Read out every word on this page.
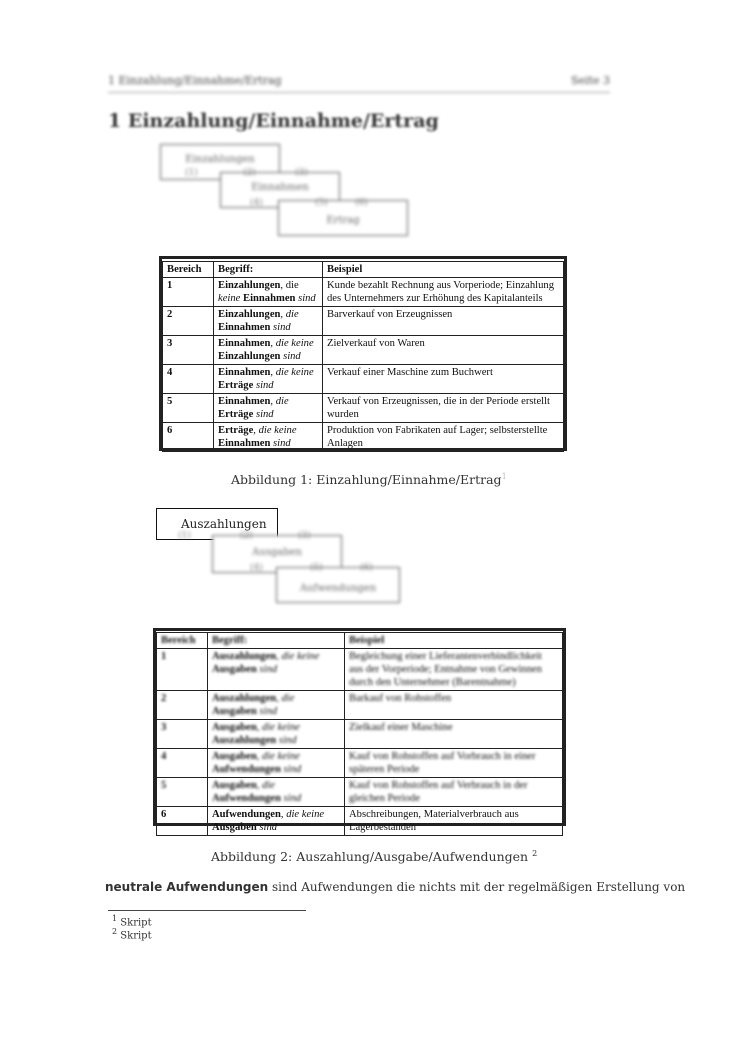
1 Einzahlung/Einnahme/Ertrag	Seite 3
1 Einzahlung/Einnahme/Ertrag
Einzahlungen
Einnahmen
Ertrag
(1)	(2)	(3)
(4)	(5)	(6)
Bereich	Begriff:	Beispiel
1	Einzahlungen, die keine Einnahmen sind	Kunde bezahlt Rechnung aus Vorperiode; Einzahlung des Unternehmers zur Erhöhung des Kapitalanteils
2	Einzahlungen, die Einnahmen sind	Barverkauf von Erzeugnissen
3	Einnahmen, die keine Einzahlungen sind	Zielverkauf von Waren
4	Einnahmen, die keine Erträge sind	Verkauf einer Maschine zum Buchwert
5	Einnahmen, die Erträge sind	Verkauf von Erzeugnissen, die in der Periode erstellt wurden
6	Erträge, die keine Einnahmen sind	Produktion von Fabrikaten auf Lager; selbsterstellte Anlagen
Abbildung 1: Einzahlung/Einnahme/Ertrag$^1$
Auszahlungen
Ausgaben
Aufwendungen
(1)	(2)	(3)
(4)	(5)	(6)
Bereich	Begriff:	Beispiel
1	Auszahlungen, die keine Ausgaben sind	Begleichung einer Lieferantenverbindlichkeit aus der Vorperiode; Entnahme von Gewinnen durch den Unternehmer (Barentnahme)
2	Auszahlungen, die Ausgaben sind	Barkauf von Rohstoffen
3	Ausgaben, die keine Auszahlungen sind	Zielkauf einer Maschine
4	Ausgaben, die keine Aufwendungen sind	Kauf von Rohstoffen auf Vorbrauch in einer späteren Periode
5	Ausgaben, die Aufwendungen sind	Kauf von Rohstoffen auf Verbrauch in der gleichen Periode
6	Aufwendungen, die keine Ausgaben sind	Abschreibungen, Materialverbrauch aus Lagerbeständen
Abbildung 2: Auszahlung/Ausgabe/Aufwendungen $^2$
neutrale Aufwendungen sind Aufwendungen die nichts mit der regelmäßigen Erstellung von
$^1$ Skript
$^2$ Skript
